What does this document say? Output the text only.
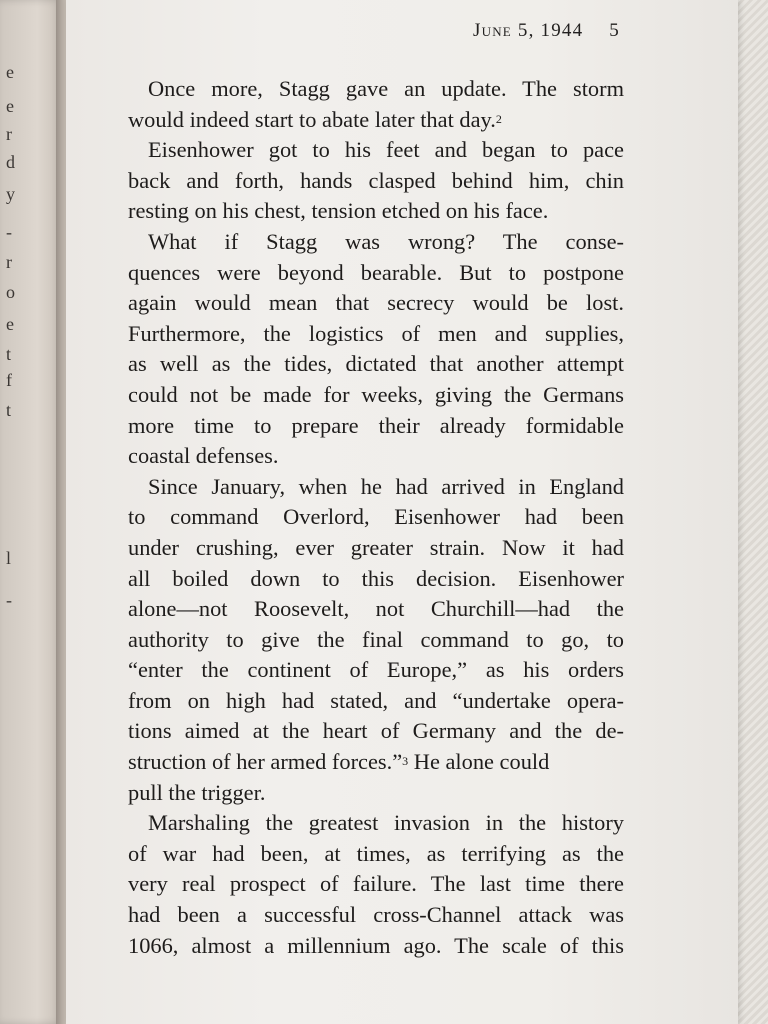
e
e
r
d
y
-
r
o
e
t
f
t
l
-
June 5, 1944 5
Once more, Stagg gave an update. The storm
would indeed start to abate later that day.$^2$
Eisenhower got to his feet and began to pace
back and forth, hands clasped behind him, chin
resting on his chest, tension etched on his face.
What if Stagg was wrong? The conse-
quences were beyond bearable. But to postpone
again would mean that secrecy would be lost.
Furthermore, the logistics of men and supplies,
as well as the tides, dictated that another attempt
could not be made for weeks, giving the Germans
more time to prepare their already formidable
coastal defenses.
Since January, when he had arrived in England
to command Overlord, Eisenhower had been
under crushing, ever greater strain. Now it had
all boiled down to this decision. Eisenhower
alone—not Roosevelt, not Churchill—had the
authority to give the final command to go, to
“enter the continent of Europe,” as his orders
from on high had stated, and “undertake opera-
tions aimed at the heart of Germany and the de-
struction of her armed forces.”$^3$ He alone could
pull the trigger.
Marshaling the greatest invasion in the history
of war had been, at times, as terrifying as the
very real prospect of failure. The last time there
had been a successful cross-Channel attack was
1066, almost a millennium ago. The scale of this
